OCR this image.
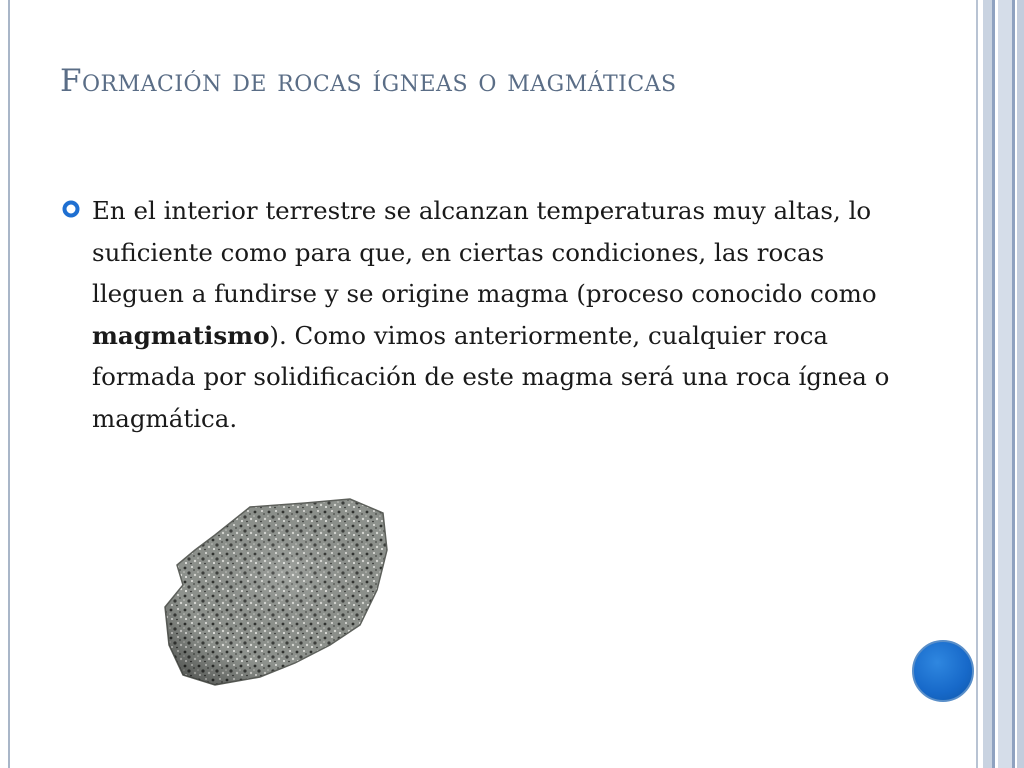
Formación de rocas ígneas o magmáticas
En el interior terrestre se alcanzan temperaturas muy altas, lo suficiente como para que, en ciertas condiciones, las rocas lleguen a fundirse y se origine magma (proceso conocido como magmatismo). Como vimos anteriormente, cualquier roca formada por solidificación de este magma será una roca ígnea o magmática.
